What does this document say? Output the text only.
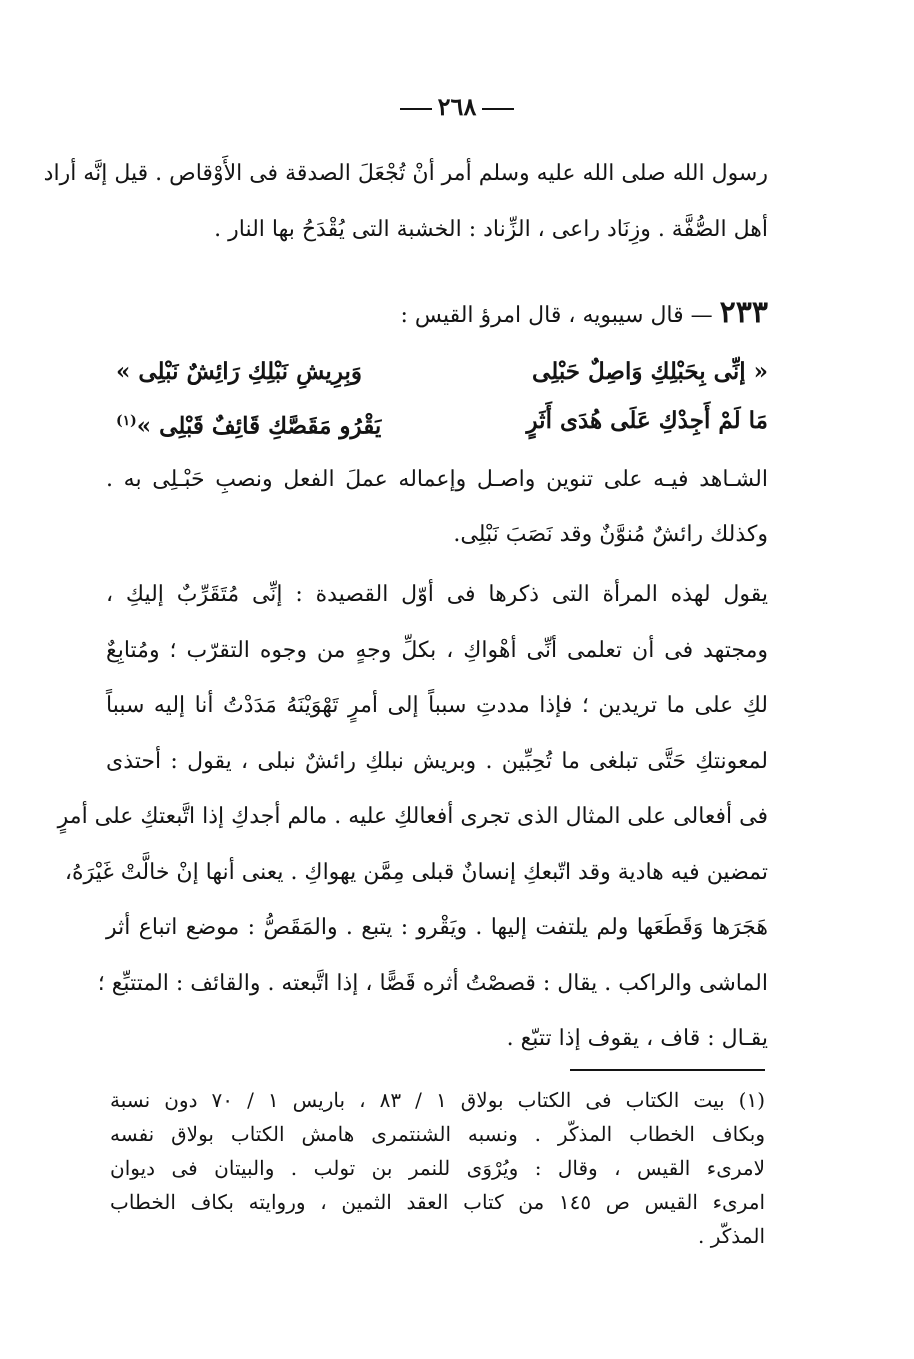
٢٦٨
رسول الله صلى الله عليه وسلم أمر أنْ تُجْعَلَ الصدقة فى الأَوْقاص . قيل إنَّه أراد
أهل الصُّفَّة . وزِنَاد راعى ، الزِّناد : الخشبة التى يُقْدَحُ بها النار .
٢٣٣ — قال سيبويه ، قال امرؤ القيس :
« إنِّى بِحَبْلِكِ وَاصِلٌ حَبْلِى
وَبِرِيشِ نَبْلِكِ رَائِشٌ نَبْلِى »
مَا لَمْ أَجِدْكِ عَلَى هُدَى أَثَرٍ
يَقْرُو مَقَصَّكِ قَائِفٌ قَبْلِى »$^{(١)}$
الشـاهد فيـه على تنوين واصـل وإعماله عملَ الفعل ونصبِ حَبْـلِى به .
وكذلك رائشٌ مُنوَّنٌ وقد نَصَبَ نَبْلِى.
يقول لهذه المرأة التى ذكرها فى أوّل القصيدة : إنِّى مُتَقَرِّبٌ إليكِ ،
ومجتهد فى أن تعلمى أنِّى أهْواكِ ، بكلِّ وجهٍ من وجوه التقرّب ؛ ومُتابِعٌ
لكِ على ما تريدين ؛ فإذا مددتِ سبباً إلى أمرٍ تَهْوَيْنَهُ مَدَدْتُ أنا إليه سبباً
لمعونتكِ حَتَّى تبلغى ما تُحِبِّين . وبريش نبلكِ رائشٌ نبلى ، يقول : أحتذى
فى أفعالى على المثال الذى تجرى أفعالكِ عليه . مالم أجدكِ إذا اتَّبعتكِ على أمرٍ
تمضين فيه هادية وقد اتّبعكِ إنسانٌ قبلى مِمَّن يهواكِ . يعنى أنها إنْ خالَّتْ غَيْرَهُ،
هَجَرَها وَقَطَعَها ولم يلتفت إليها . ويَقْرو : يتبع . والمَقَصُّ : موضع اتباع أثر
الماشى والراكب . يقال : قصصْتُ أثره قَصًّا ، إذا اتَّبعته . والقائف : المتتبِّع ؛
يقـال : قاف ، يقوف إذا تتبّع .
(١) بيت الكتاب فى الكتاب بولاق ١ / ٨٣ ، باريس ١ / ٧٠ دون نسبة
وبكاف الخطاب المذكّر . ونسبه الشنتمرى هامش الكتاب بولاق نفسه
لامرىء القيس ، وقال : ويُرْوَى للنمر بن تولب . والبيتان فى ديوان
امرىء القيس ص ١٤٥ من كتاب العقد الثمين ، وروايته بكاف الخطاب
المذكّر .
